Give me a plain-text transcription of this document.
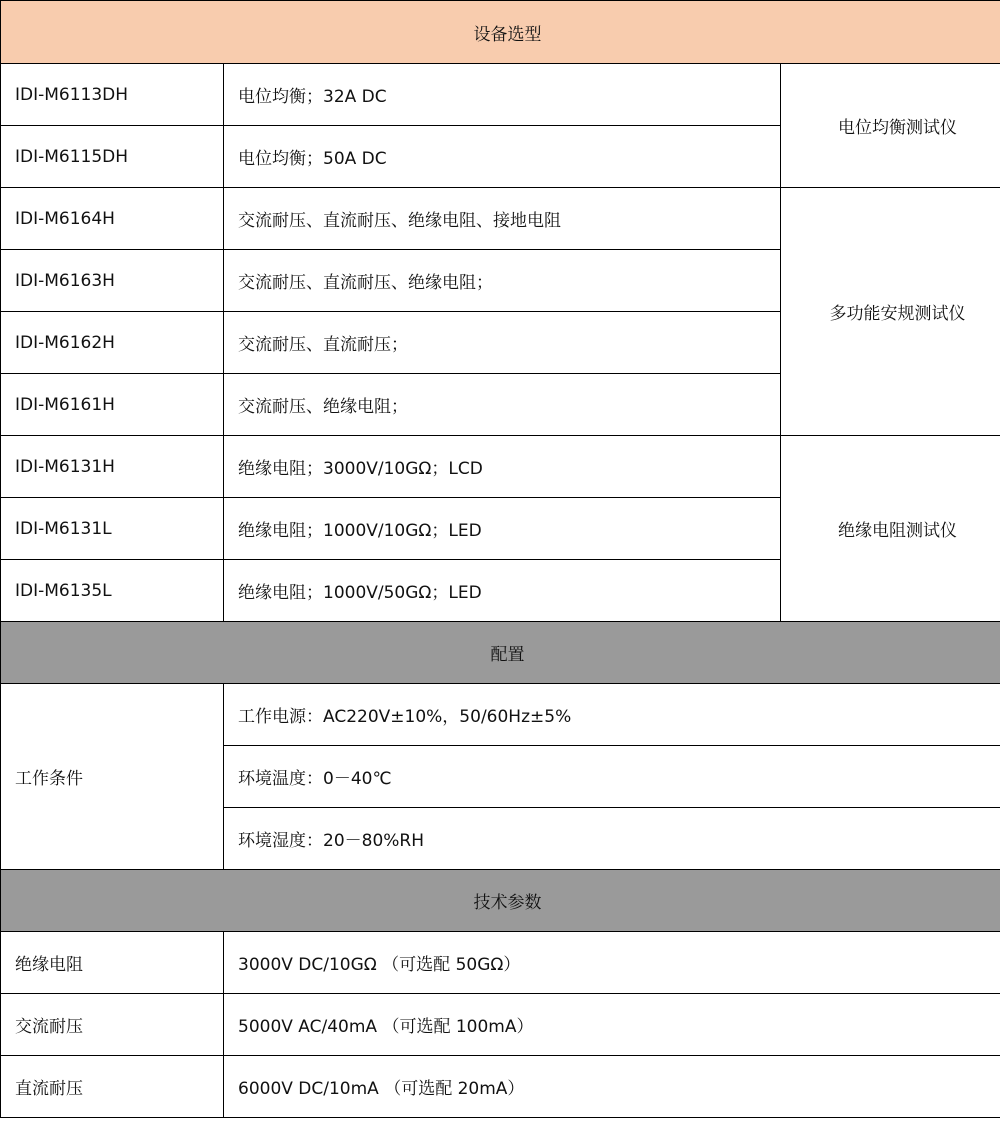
设备选型		
IDI-M6113DH	电位均衡；32A DC	电位均衡测试仪
IDI-M6115DH	电位均衡；50A DC	
IDI-M6164H	交流耐压、直流耐压、绝缘电阻、接地电阻	多功能安规测试仪
IDI-M6163H	交流耐压、直流耐压、绝缘电阻；	
IDI-M6162H	交流耐压、直流耐压；	
IDI-M6161H	交流耐压、绝缘电阻；	
IDI-M6131H	绝缘电阻；3000V/10GΩ；LCD	绝缘电阻测试仪
IDI-M6131L	绝缘电阻；1000V/10GΩ；LED	
IDI-M6135L	绝缘电阻；1000V/50GΩ；LED	
配置		
工作条件	工作电源：AC220V±10%，50/60Hz±5%	
	环境温度：0－40℃	
	环境湿度：20－80%RH	
技术参数		
绝缘电阻	3000V DC/10GΩ （可选配 50GΩ）	
交流耐压	5000V AC/40mA （可选配 100mA）	
直流耐压	6000V DC/10mA （可选配 20mA）	
